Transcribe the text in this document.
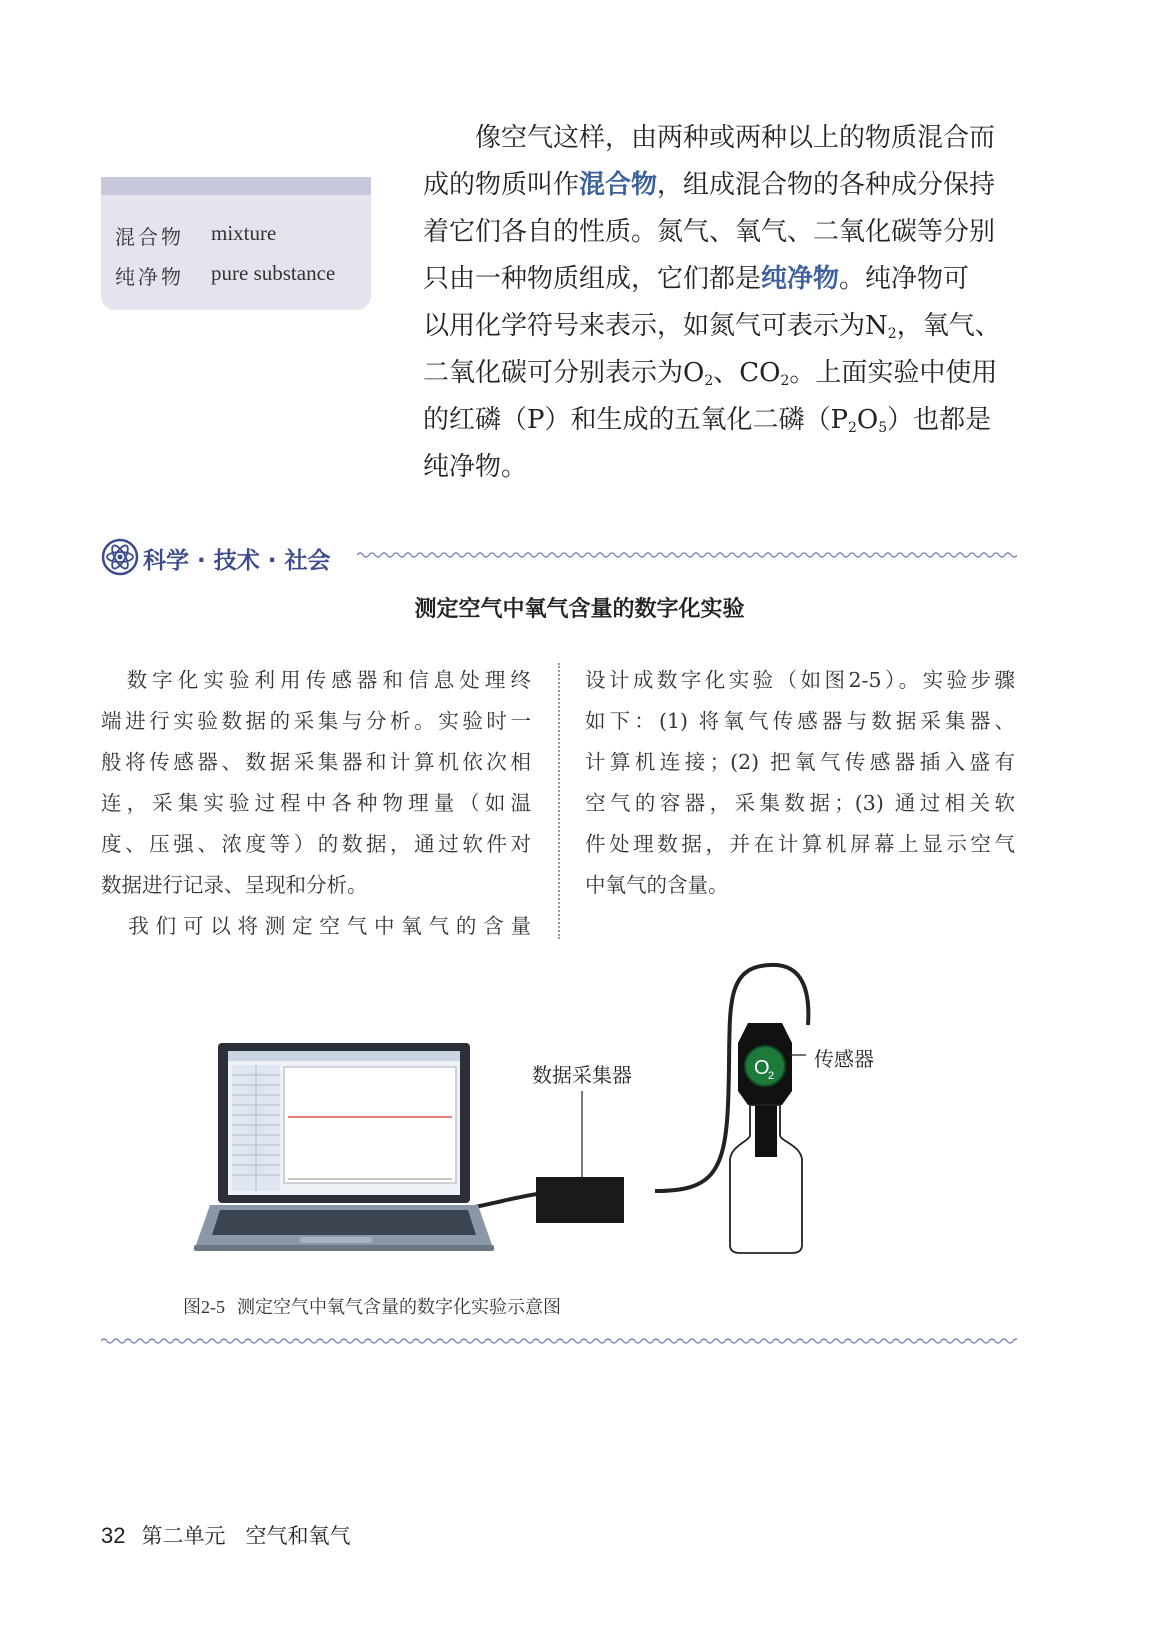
混合物 mixture
纯净物 pure substance
像空气这样，由两种或两种以上的物质混合而
成的物质叫作混合物，组成混合物的各种成分保持
着它们各自的性质。氮气、氧气、二氧化碳等分别
只由一种物质组成，它们都是纯净物。纯净物可
以用化学符号来表示，如氮气可表示为$N_2$，氧气、
二氧化碳可分别表示为$O_2$、$CO_2$。上面实验中使用
的红磷（P）和生成的五氧化二磷$(P_2O_5)$也都是
纯净物。
科学 · 技术 · 社会
测定空气中氧气含量的数字化实验
　数字化实验利用传感器和信息处理终
端进行实验数据的采集与分析。实验时一
般将传感器、数据采集器和计算机依次相
连，采集实验过程中各种物理量（如温
度、压强、浓度等）的数据，通过软件对
数据进行记录、呈现和分析。
　我们可以将测定空气中氧气的含量
设计成数字化实验（如图2-5）。实验步骤
如下：(1) 将氧气传感器与数据采集器、
计算机连接；(2) 把氧气传感器插入盛有
空气的容器，采集数据；(3) 通过相关软
件处理数据，并在计算机屏幕上显示空气
中氧气的含量。
O
2
数据采集器
传感器
图2-5 测定空气中氧气含量的数字化实验示意图
32 第二单元 空气和氧气
